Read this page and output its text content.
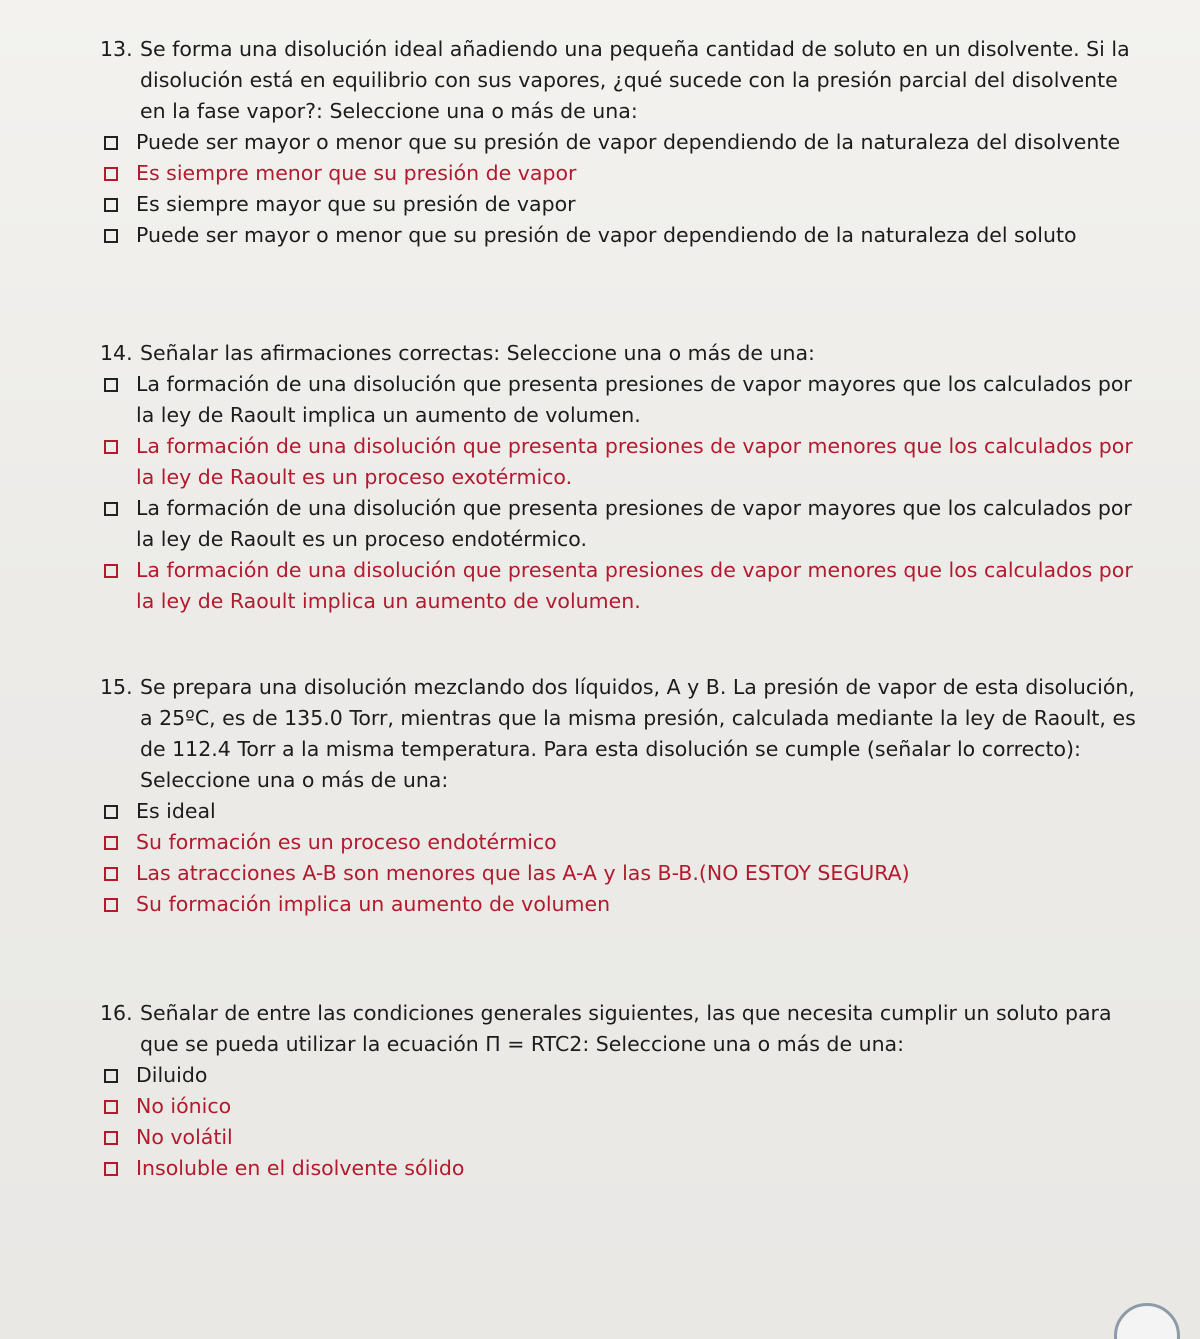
13. Se forma una disolución ideal añadiendo una pequeña cantidad de soluto en un disolvente. Si la disolución está en equilibrio con sus vapores, ¿qué sucede con la presión parcial del disolvente en la fase vapor?: Seleccione una o más de una:
Puede ser mayor o menor que su presión de vapor dependiendo de la naturaleza del disolvente
Es siempre menor que su presión de vapor
Es siempre mayor que su presión de vapor
Puede ser mayor o menor que su presión de vapor dependiendo de la naturaleza del soluto
14. Señalar las afirmaciones correctas: Seleccione una o más de una:
La formación de una disolución que presenta presiones de vapor mayores que los calculados por la ley de Raoult implica un aumento de volumen.
La formación de una disolución que presenta presiones de vapor menores que los calculados por la ley de Raoult es un proceso exotérmico.
La formación de una disolución que presenta presiones de vapor mayores que los calculados por la ley de Raoult es un proceso endotérmico.
La formación de una disolución que presenta presiones de vapor menores que los calculados por la ley de Raoult implica un aumento de volumen.
15. Se prepara una disolución mezclando dos líquidos, A y B. La presión de vapor de esta disolución, a 25ºC, es de 135.0 Torr, mientras que la misma presión, calculada mediante la ley de Raoult, es de 112.4 Torr a la misma temperatura. Para esta disolución se cumple (señalar lo correcto): Seleccione una o más de una:
Es ideal
Su formación es un proceso endotérmico
Las atracciones A-B son menores que las A-A y las B-B.(NO ESTOY SEGURA)
Su formación implica un aumento de volumen
16. Señalar de entre las condiciones generales siguientes, las que necesita cumplir un soluto para que se pueda utilizar la ecuación Π = RTC2: Seleccione una o más de una:
Diluido
No iónico
No volátil
Insoluble en el disolvente sólido
